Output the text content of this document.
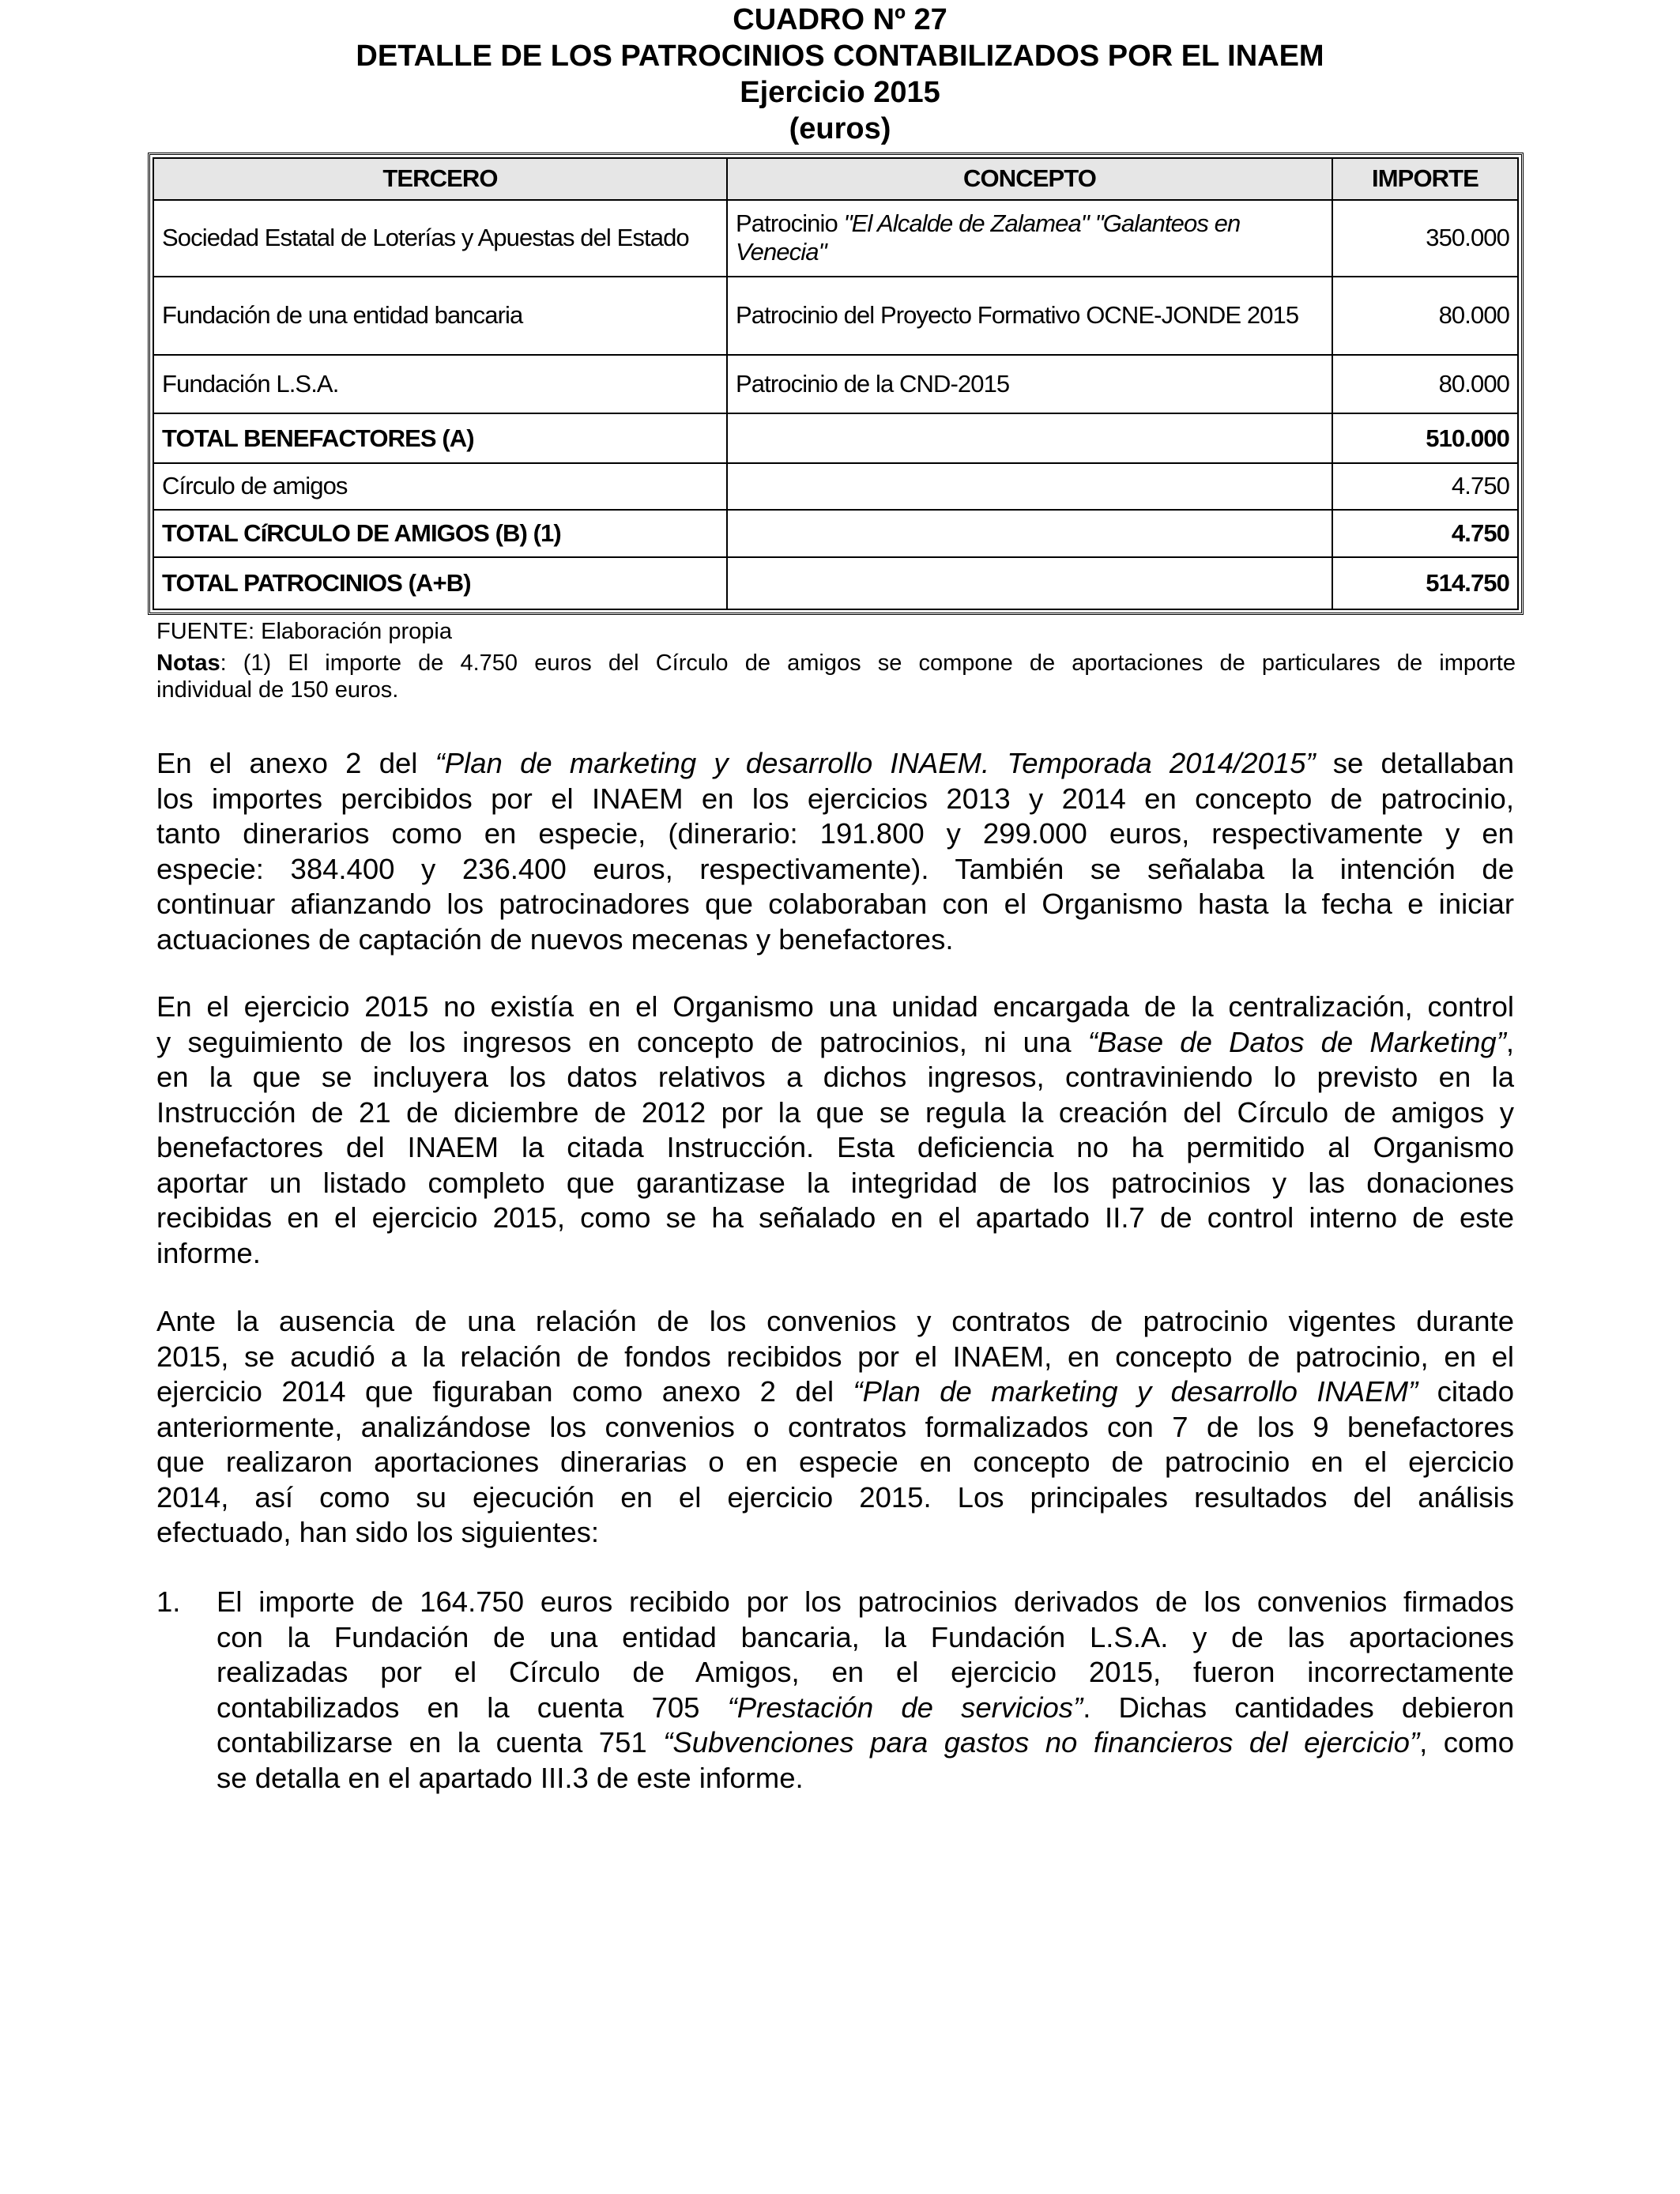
CUADRO Nº 27
DETALLE DE LOS PATROCINIOS CONTABILIZADOS POR EL INAEM
Ejercicio 2015
(euros)
TERCERO	CONCEPTO	IMPORTE
Sociedad Estatal de Loterías y Apuestas del Estado	Patrocinio "El Alcalde de Zalamea" "Galanteos en Venecia"	350.000
Fundación de una entidad bancaria	Patrocinio del Proyecto Formativo OCNE-JONDE 2015	80.000
Fundación L.S.A.	Patrocinio de la CND-2015	80.000
TOTAL BENEFACTORES (A)		510.000
Círculo de amigos		4.750
TOTAL CíRCULO DE AMIGOS (B) (1)		4.750
TOTAL PATROCINIOS (A+B)		514.750
FUENTE: Elaboración propia
Notas: (1) El importe de 4.750 euros del Círculo de amigos se compone de aportaciones de particulares de importe
individual de 150 euros.
En el anexo 2 del “Plan de marketing y desarrollo INAEM. Temporada 2014/2015” se detallaban
los importes percibidos por el INAEM en los ejercicios 2013 y 2014 en concepto de patrocinio,
tanto dinerarios como en especie, (dinerario: 191.800 y 299.000 euros, respectivamente y en
especie: 384.400 y 236.400 euros, respectivamente). También se señalaba la intención de
continuar afianzando los patrocinadores que colaboraban con el Organismo hasta la fecha e iniciar
actuaciones de captación de nuevos mecenas y benefactores.
En el ejercicio 2015 no existía en el Organismo una unidad encargada de la centralización, control
y seguimiento de los ingresos en concepto de patrocinios, ni una “Base de Datos de Marketing”,
en la que se incluyera los datos relativos a dichos ingresos, contraviniendo lo previsto en la
Instrucción de 21 de diciembre de 2012 por la que se regula la creación del Círculo de amigos y
benefactores del INAEM la citada Instrucción. Esta deficiencia no ha permitido al Organismo
aportar un listado completo que garantizase la integridad de los patrocinios y las donaciones
recibidas en el ejercicio 2015, como se ha señalado en el apartado II.7 de control interno de este
informe.
Ante la ausencia de una relación de los convenios y contratos de patrocinio vigentes durante
2015, se acudió a la relación de fondos recibidos por el INAEM, en concepto de patrocinio, en el
ejercicio 2014 que figuraban como anexo 2 del “Plan de marketing y desarrollo INAEM” citado
anteriormente, analizándose los convenios o contratos formalizados con 7 de los 9 benefactores
que realizaron aportaciones dinerarias o en especie en concepto de patrocinio en el ejercicio
2014, así como su ejecución en el ejercicio 2015. Los principales resultados del análisis
efectuado, han sido los siguientes:
1. El importe de 164.750 euros recibido por los patrocinios derivados de los convenios firmados
con la Fundación de una entidad bancaria, la Fundación L.S.A. y de las aportaciones
realizadas por el Círculo de Amigos, en el ejercicio 2015, fueron incorrectamente
contabilizados en la cuenta 705 “Prestación de servicios”. Dichas cantidades debieron
contabilizarse en la cuenta 751 “Subvenciones para gastos no financieros del ejercicio”, como
se detalla en el apartado III.3 de este informe.
